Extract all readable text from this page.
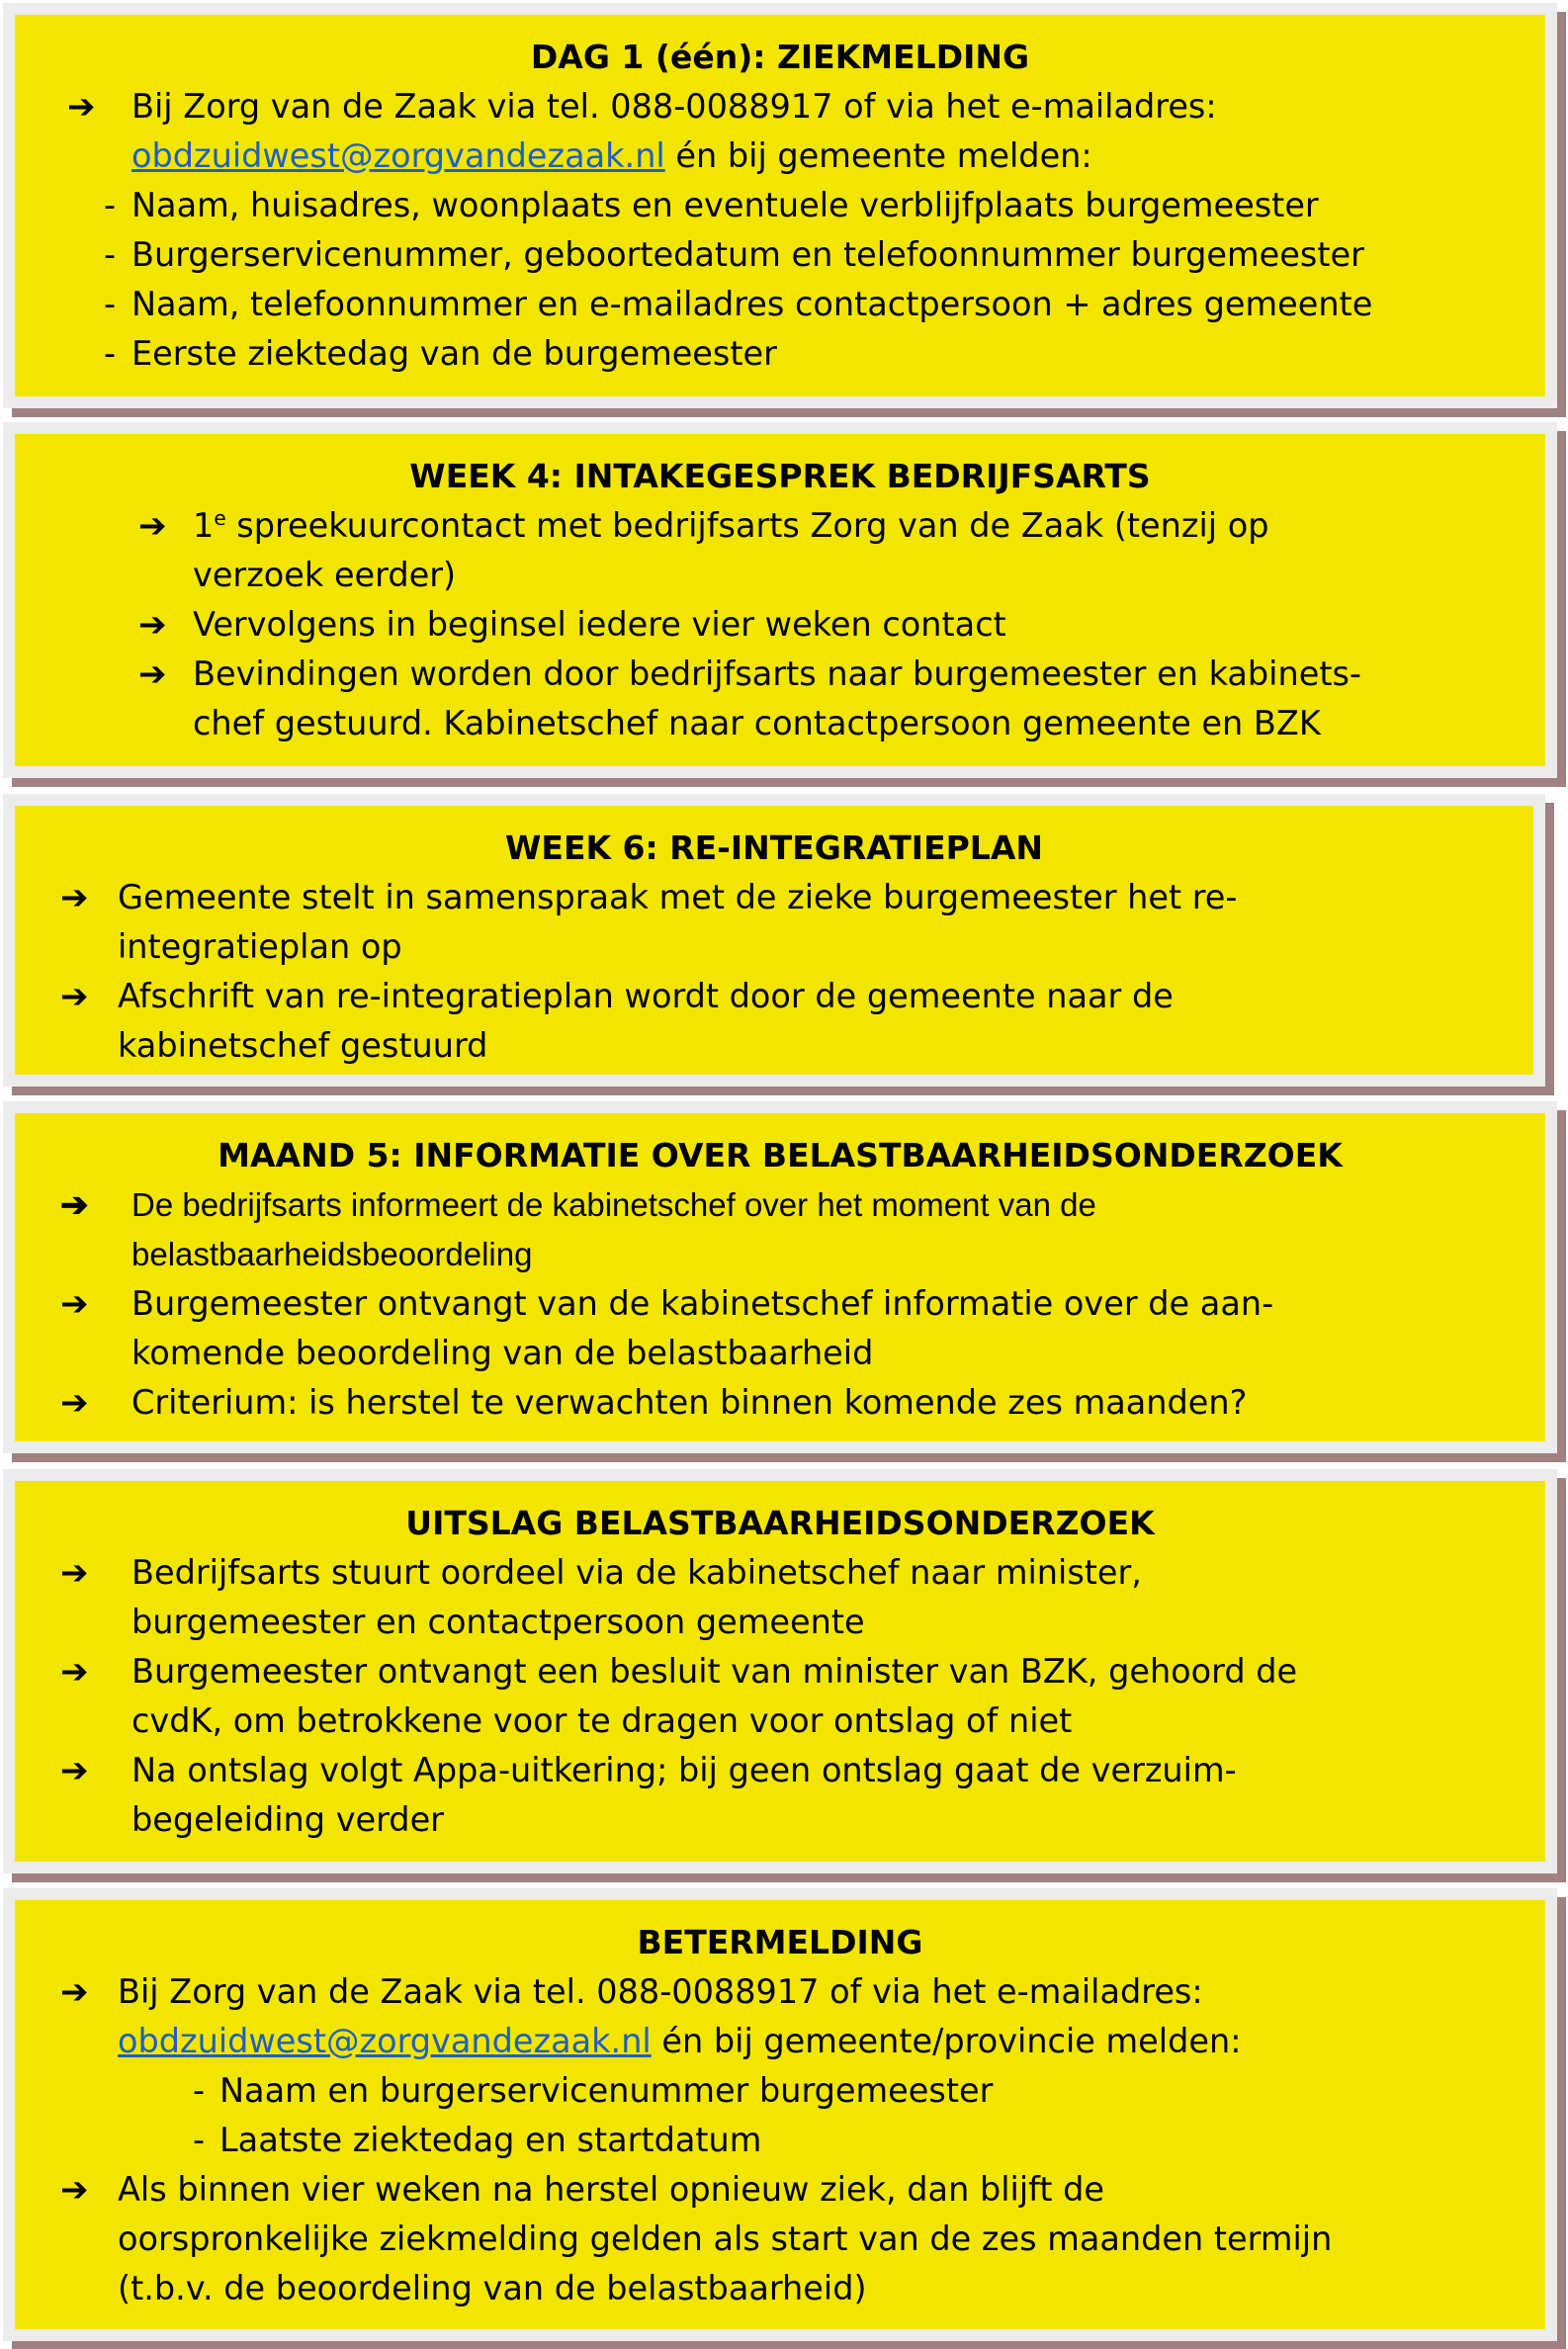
DAG 1 (één): ZIEKMELDING
➔ Bij Zorg van de Zaak via tel. 088-0088917 of via het e-mailadres:

obdzuidwest@zorgvandezaak.nl én bij gemeente melden:

- Naam, huisadres, woonplaats en eventuele verblijfplaats burgemeester

- Burgerservicenummer, geboortedatum en telefoonnummer burgemeester

- Naam, telefoonnummer en e-mailadres contactpersoon + adres gemeente

- Eerste ziektedag van de burgemeester

WEEK 4: INTAKEGESPREK BEDRIJFSARTS
➔ 1e spreekuurcontact met bedrijfsarts Zorg van de Zaak (tenzij op

verzoek eerder)

➔ Vervolgens in beginsel iedere vier weken contact

➔ Bevindingen worden door bedrijfsarts naar burgemeester en kabinets-

chef gestuurd. Kabinetschef naar contactpersoon gemeente en BZK

WEEK 6: RE-INTEGRATIEPLAN
➔ Gemeente stelt in samenspraak met de zieke burgemeester het re-

integratieplan op

➔ Afschrift van re-integratieplan wordt door de gemeente naar de

kabinetschef gestuurd

MAAND 5: INFORMATIE OVER BELASTBAARHEIDSONDERZOEK
➔ De bedrijfsarts informeert de kabinetschef over het moment van de

belastbaarheidsbeoordeling

➔ Burgemeester ontvangt van de kabinetschef informatie over de aan-

komende beoordeling van de belastbaarheid

➔ Criterium: is herstel te verwachten binnen komende zes maanden?

UITSLAG BELASTBAARHEIDSONDERZOEK
➔ Bedrijfsarts stuurt oordeel via de kabinetschef naar minister,

burgemeester en contactpersoon gemeente

➔ Burgemeester ontvangt een besluit van minister van BZK, gehoord de

cvdK, om betrokkene voor te dragen voor ontslag of niet

➔ Na ontslag volgt Appa-uitkering; bij geen ontslag gaat de verzuim-

begeleiding verder

BETERMELDING
➔ Bij Zorg van de Zaak via tel. 088-0088917 of via het e-mailadres:

obdzuidwest@zorgvandezaak.nl én bij gemeente/provincie melden:

- Naam en burgerservicenummer burgemeester

- Laatste ziektedag en startdatum

➔ Als binnen vier weken na herstel opnieuw ziek, dan blijft de

oorspronkelijke ziekmelding gelden als start van de zes maanden termijn

(t.b.v. de beoordeling van de belastbaarheid)
